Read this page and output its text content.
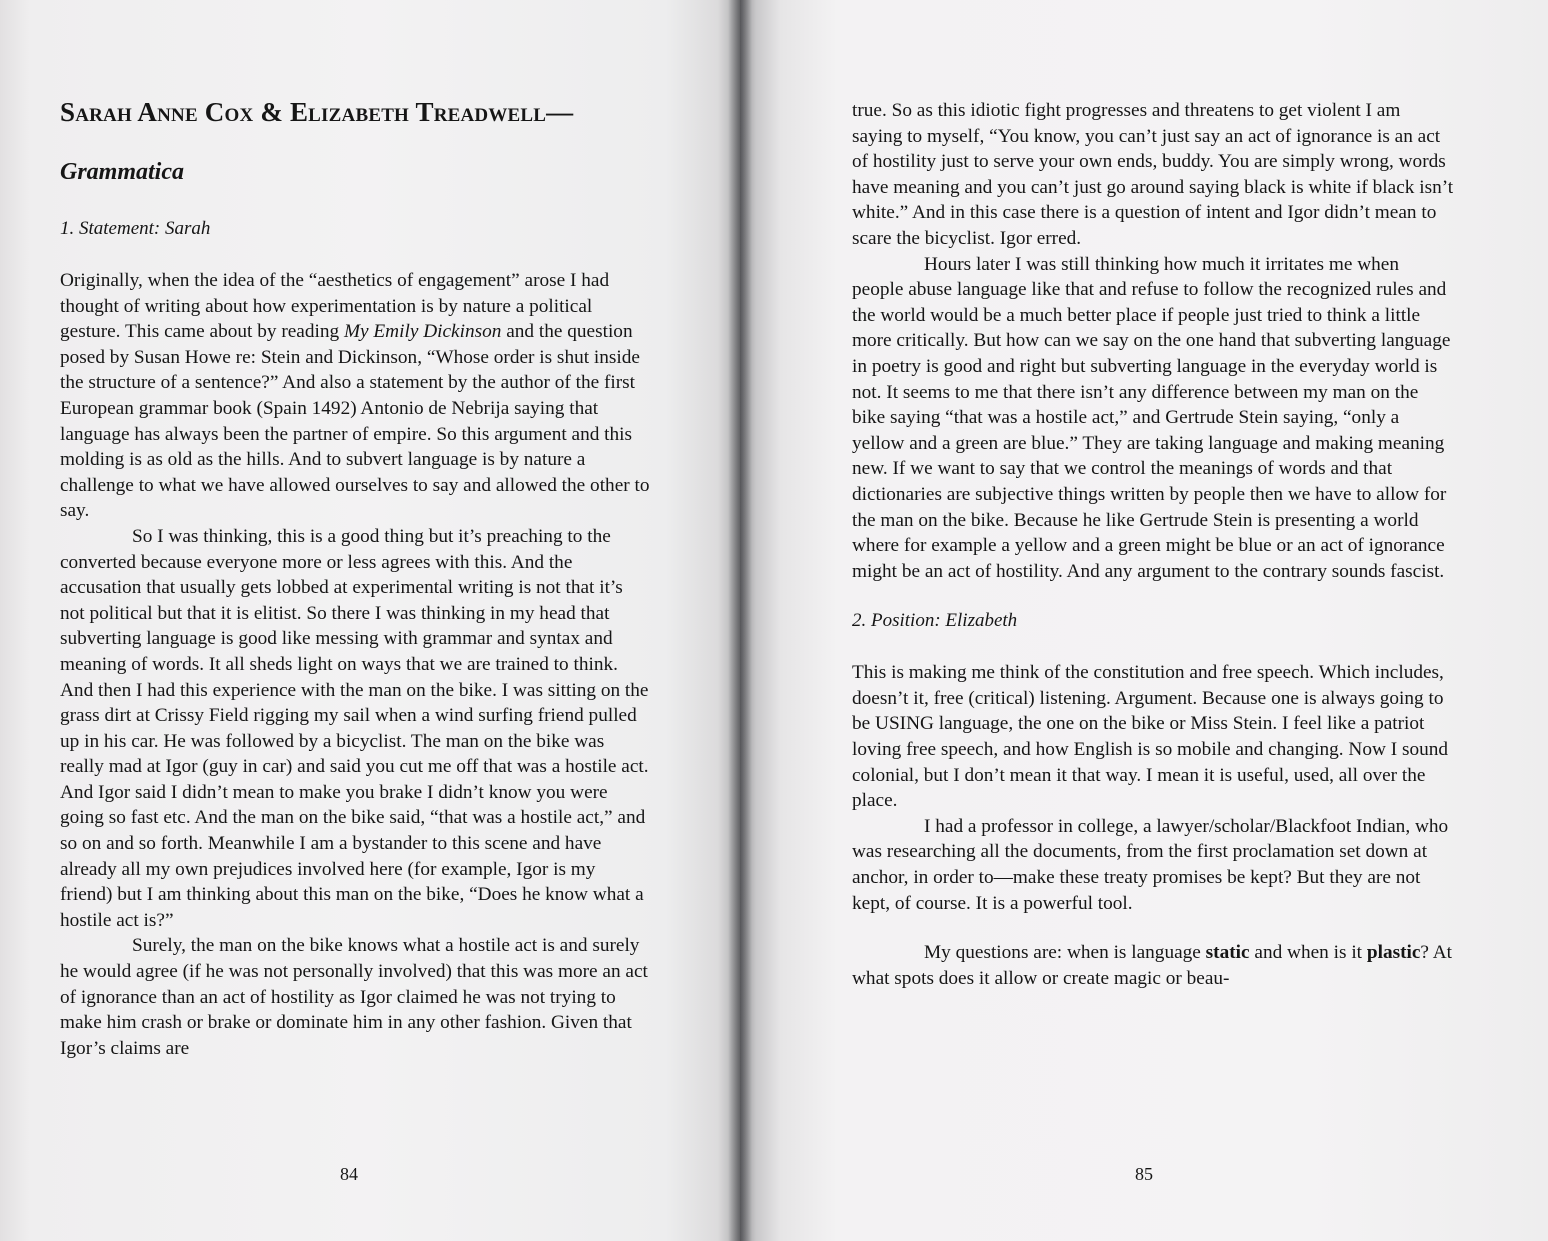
Sarah Anne Cox & Elizabeth Treadwell—
Grammatica
1. Statement: Sarah

Originally, when the idea of the “aesthetics of engagement” arose I had thought of writing about how experimentation is by nature a political gesture. This came about by reading My Emily Dickinson and the question posed by Susan Howe re: Stein and Dickinson, “Whose order is shut inside the structure of a sentence?” And also a statement by the author of the first European grammar book (Spain 1492) Antonio de Nebrija saying that language has always been the partner of empire. So this argument and this molding is as old as the hills. And to subvert language is by nature a challenge to what we have allowed ourselves to say and allowed the other to say.

So I was thinking, this is a good thing but it’s preaching to the converted because everyone more or less agrees with this. And the accusation that usually gets lobbed at experimental writing is not that it’s not political but that it is elitist. So there I was thinking in my head that subverting language is good like messing with grammar and syntax and meaning of words. It all sheds light on ways that we are trained to think. And then I had this experience with the man on the bike. I was sitting on the grass dirt at Crissy Field rigging my sail when a wind surfing friend pulled up in his car. He was followed by a bicyclist. The man on the bike was really mad at Igor (guy in car) and said you cut me off that was a hostile act. And Igor said I didn’t mean to make you brake I didn’t know you were going so fast etc. And the man on the bike said, “that was a hostile act,” and so on and so forth. Meanwhile I am a bystander to this scene and have already all my own prejudices involved here (for example, Igor is my friend) but I am thinking about this man on the bike, “Does he know what a hostile act is?”

Surely, the man on the bike knows what a hostile act is and surely he would agree (if he was not personally involved) that this was more an act of ignorance than an act of hostility as Igor claimed he was not trying to make him crash or brake or dominate him in any other fashion. Given that Igor’s claims are

84

true. So as this idiotic fight progresses and threatens to get violent I am saying to myself, “You know, you can’t just say an act of ignorance is an act of hostility just to serve your own ends, buddy. You are simply wrong, words have meaning and you can’t just go around saying black is white if black isn’t white.” And in this case there is a question of intent and Igor didn’t mean to scare the bicyclist. Igor erred.

Hours later I was still thinking how much it irritates me when people abuse language like that and refuse to follow the recognized rules and the world would be a much better place if people just tried to think a little more critically. But how can we say on the one hand that subverting language in poetry is good and right but subverting language in the everyday world is not. It seems to me that there isn’t any difference between my man on the bike saying “that was a hostile act,” and Gertrude Stein saying, “only a yellow and a green are blue.” They are taking language and making meaning new. If we want to say that we control the meanings of words and that dictionaries are subjective things written by people then we have to allow for the man on the bike. Because he like Gertrude Stein is presenting a world where for example a yellow and a green might be blue or an act of ignorance might be an act of hostility. And any argument to the contrary sounds fascist.

2. Position: Elizabeth

This is making me think of the constitution and free speech. Which includes, doesn’t it, free (critical) listening. Argument. Because one is always going to be USING language, the one on the bike or Miss Stein. I feel like a patriot loving free speech, and how English is so mobile and changing. Now I sound colonial, but I don’t mean it that way. I mean it is useful, used, all over the place.

I had a professor in college, a lawyer/scholar/Blackfoot Indian, who was researching all the documents, from the first proclamation set down at anchor, in order to—make these treaty promises be kept? But they are not kept, of course. It is a powerful tool.

My questions are: when is language static and when is it plastic? At what spots does it allow or create magic or beau-

85
